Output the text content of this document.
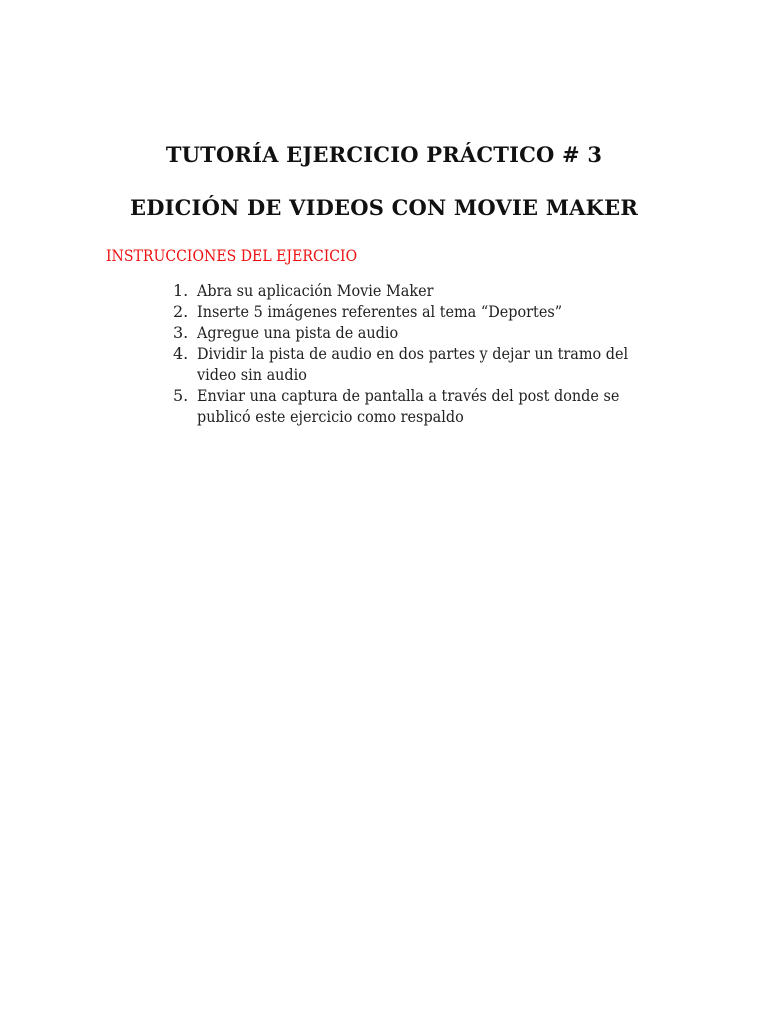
TUTORÍA EJERCICIO PRÁCTICO # 3
EDICIÓN DE VIDEOS CON MOVIE MAKER
INSTRUCCIONES DEL EJERCICIO
1. Abra su aplicación Movie Maker
2. Inserte 5 imágenes referentes al tema “Deportes”
3. Agregue una pista de audio
4. Dividir la pista de audio en dos partes y dejar un tramo del
video sin audio
5. Enviar una captura de pantalla a través del post donde se
publicó este ejercicio como respaldo
